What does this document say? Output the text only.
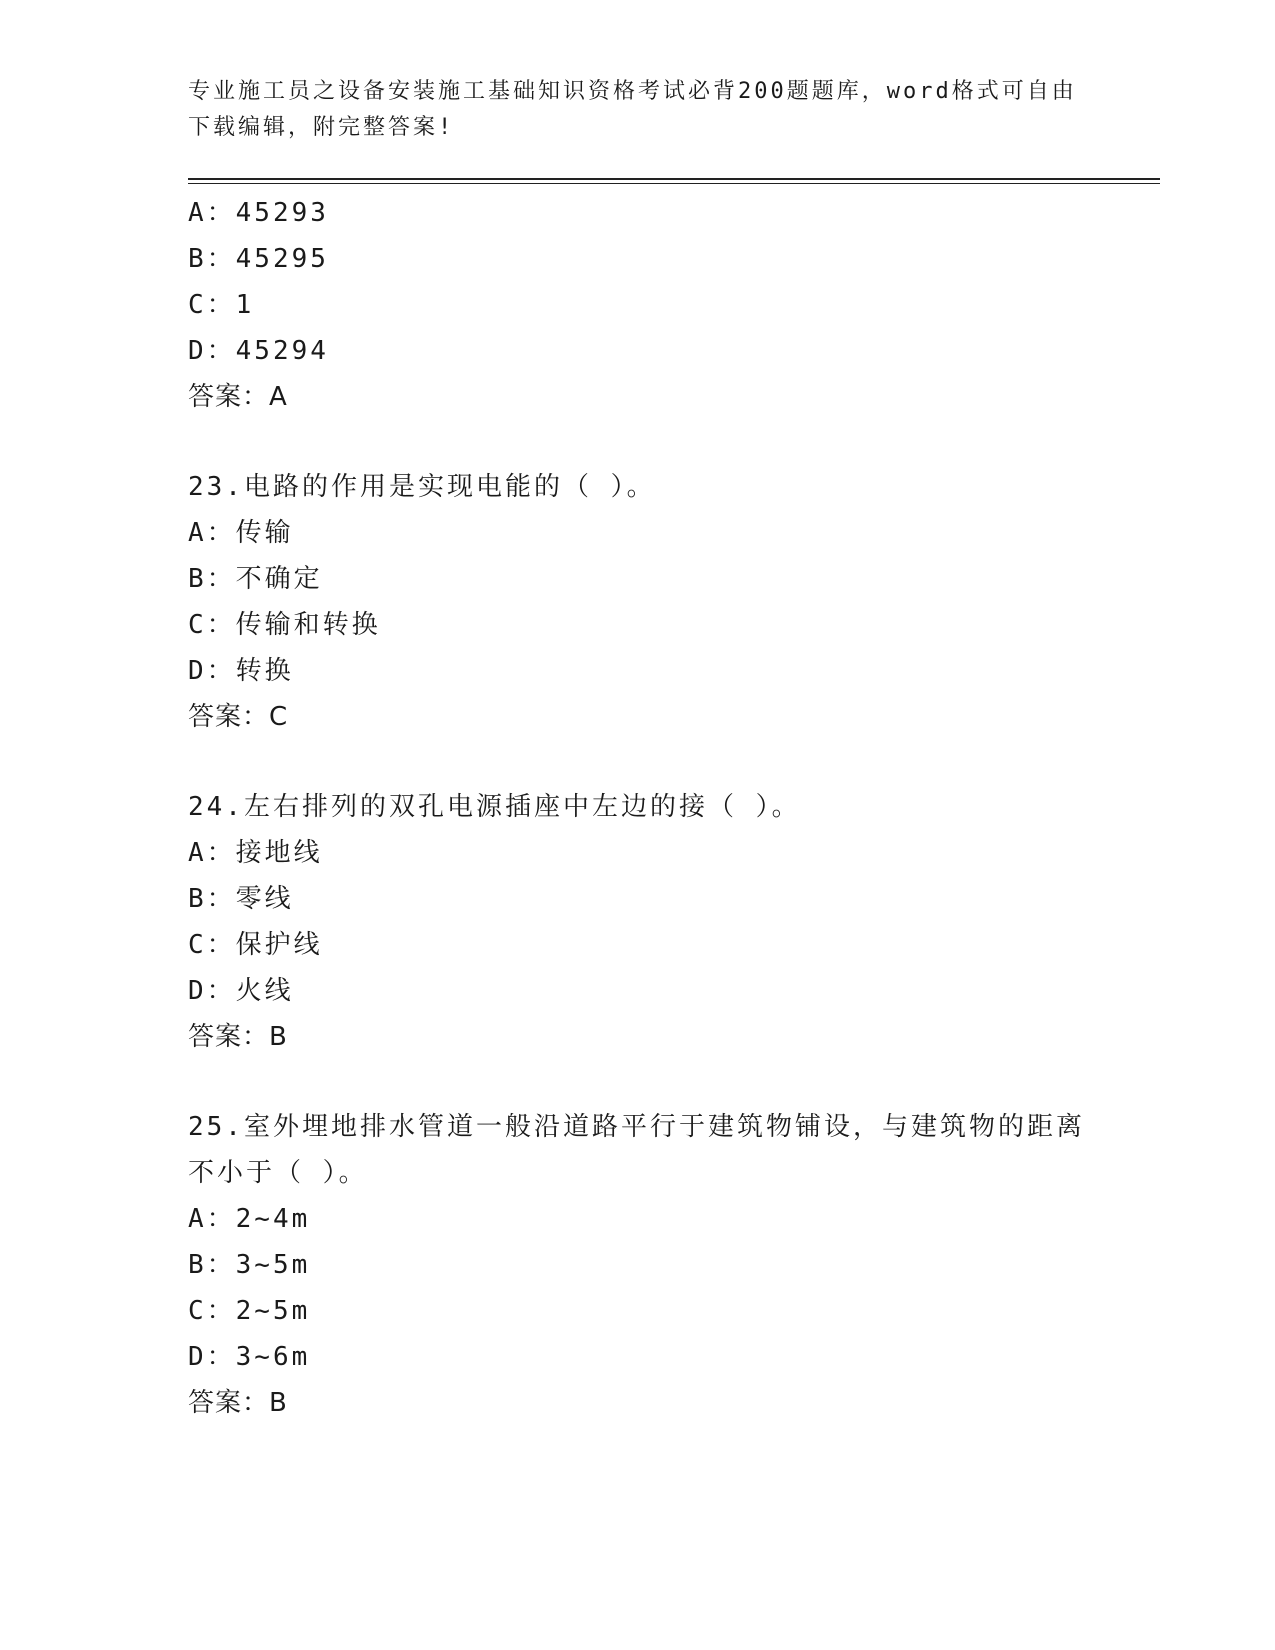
专业施工员之设备安装施工基础知识资格考试必背200题题库，word格式可自由下载编辑，附完整答案!
A：45293
B：45295
C：1
D：45294
答案：A
23.电路的作用是实现电能的（ ）。
A：传输
B：不确定
C：传输和转换
D：转换
答案：C
24.左右排列的双孔电源插座中左边的接（ ）。
A：接地线
B：零线
C：保护线
D：火线
答案：B
25.室外埋地排水管道一般沿道路平行于建筑物铺设，与建筑物的距离不小于（ ）。
A：2~4m
B：3~5m
C：2~5m
D：3~6m
答案：B
